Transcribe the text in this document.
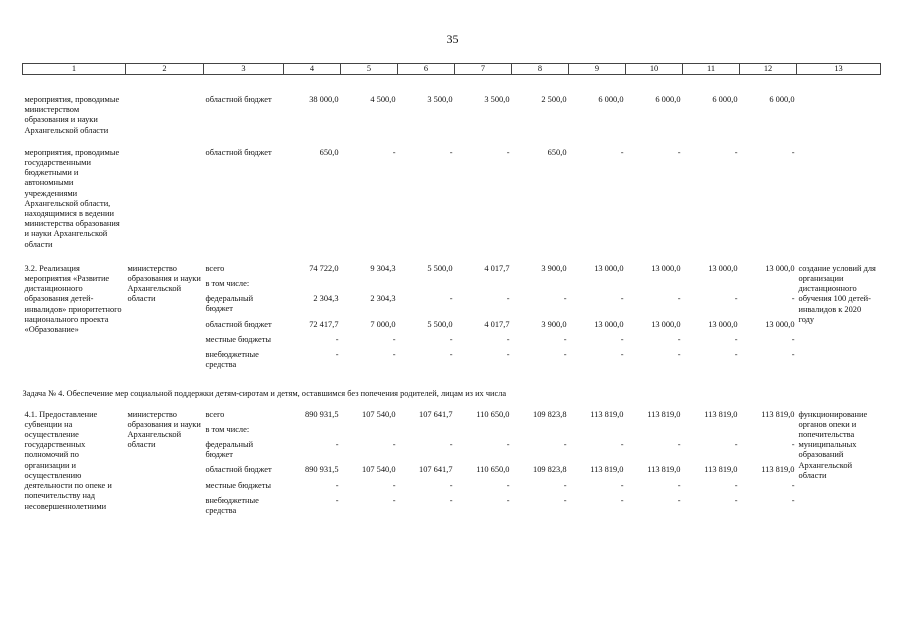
35
1	2	3	4	5	6	7	8	9	10	11	12	13
мероприятия, проводимые министерством образования и науки Архангельской области		областной бюджет	38 000,0	4 500,0	3 500,0	3 500,0	2 500,0	6 000,0	6 000,0	6 000,0	6 000,0	
мероприятия, проводимые государственными бюджетными и автономными учреждениями Архангельской области, находящимися в ведении министерства образования и науки Архангельской области		областной бюджет	650,0	-	-	-	650,0	-	-	-	-	
3.2. Реализация мероприятия «Развитие дистанционного образования детей-инвалидов» приоритетного национального проекта «Образование»	министерство образования и науки Архангельской области	всего	74 722,0	9 304,3	5 500,0	4 017,7	3 900,0	13 000,0	13 000,0	13 000,0	13 000,0	создание условий для организации дистанционного обучения 100 детей-инвалидов к 2020 году
		в том числе:										
		федеральный бюджет	2 304,3	2 304,3	-	-	-	-	-	-	-	
		областной бюджет	72 417,7	7 000,0	5 500,0	4 017,7	3 900,0	13 000,0	13 000,0	13 000,0	13 000,0	
		местные бюджеты	-	-	-	-	-	-	-	-	-	
		внебюджетные средства	-	-	-	-	-	-	-	-	-	
Задача № 4. Обеспечение мер социальной поддержки детям-сиротам и детям, оставшимся без попечения родителей, лицам из их числа												
4.1. Предоставление субвенции на осуществление государственных полномочий по организации и осуществлению деятельности по опеке и попечительству над несовершеннолетними	министерство образования и науки Архангельской области	всего	890 931,5	107 540,0	107 641,7	110 650,0	109 823,8	113 819,0	113 819,0	113 819,0	113 819,0	функционирование органов опеки и попечительства муниципальных образований Архангельской области
		в том числе:										
		федеральный бюджет	-	-	-	-	-	-	-	-	-	
		областной бюджет	890 931,5	107 540,0	107 641,7	110 650,0	109 823,8	113 819,0	113 819,0	113 819,0	113 819,0	
		местные бюджеты	-	-	-	-	-	-	-	-	-	
		внебюджетные средства	-	-	-	-	-	-	-	-	-	
